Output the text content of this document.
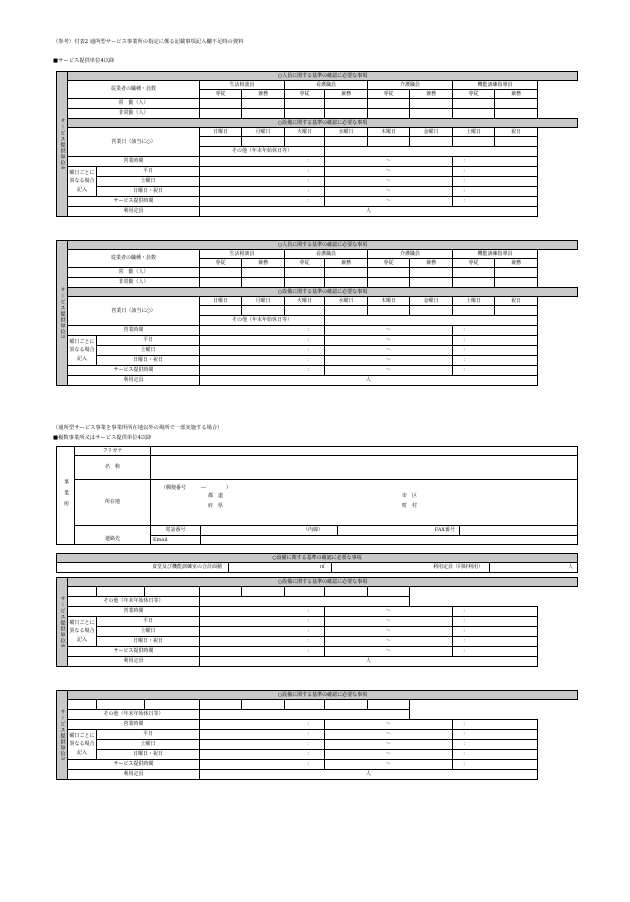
（参考）付表2 通所型サービス事業所の指定に係る記載事項記入欄不足時の資料
■サービス提供単位4以降
（通所型サービス事業を事業所所在地以外の場所で一部実施する場合）
■複数事業所又はサービス提供単位4以降
サービス提供単位4	○人員に関する基準の確認に必要な事項									
	従業者の職種・員数		生活相談員		看護職員		介護職員		機能訓練指導員	
			専従	兼務	専従	兼務	専従	兼務	専従	兼務
	常　勤（人）									
	非常勤（人）									
	○設備に関する基準の確認に必要な事項									
	営業日（該当に○）		日曜日	月曜日	火曜日	水曜日	木曜日	金曜日	土曜日	祝日

			その他（年末年始休日等）							
	営業時間		：			～			：	
	曜日ごとに
異なる場合
記入	平日	：			～			：	
		土曜日	：			～			：	
		日曜日・祝日	：			～			：	
	サービス提供時間		：			～			：	
	利用定員		人							
サービス提供単位5	○人員に関する基準の確認に必要な事項									
	従業者の職種・員数		生活相談員		看護職員		介護職員		機能訓練指導員	
			専従	兼務	専従	兼務	専従	兼務	専従	兼務
	常　勤（人）									
	非常勤（人）									
	○設備に関する基準の確認に必要な事項									
	営業日（該当に○）		日曜日	月曜日	火曜日	水曜日	木曜日	金曜日	土曜日	祝日

			その他（年末年始休日等）							
	営業時間		：			～			：	
	曜日ごとに
異なる場合
記入	平日	：			～			：	
		土曜日	：			～			：	
		日曜日・祝日	：			～			：	
	サービス提供時間		：			～			：	
	利用定員		人							
事業所	フリガナ				
	名　称				
	所在地	（郵便番号　　　―　　　　）
都　道
府　県
市　区
町　村			

	連絡先	電話番号	（内線）	FAX番号	
		Email			
○設備に関する基準の確認に必要な事項
食堂及び機能訓練室の合計面積	㎡	利用定員（同時利用）	人
サービス提供単位4	○設備に関する基準の確認に必要な事項								

	その他（年末年始休日等）								
	営業時間			：			～		：
	曜日ごとに
異なる場合
記入	平日		：			～		：
		土曜日		：			～		：
		日曜日・祝日		：			～		：
	サービス提供時間			：			～		：
	利用定員			人					
サービス提供単位5	○設備に関する基準の確認に必要な事項								

	その他（年末年始休日等）								
	営業時間			：			～		：
	曜日ごとに
異なる場合
記入	平日		：			～		：
		土曜日		：			～		：
		日曜日・祝日		：			～		：
	サービス提供時間			：			～		：
	利用定員			人					
